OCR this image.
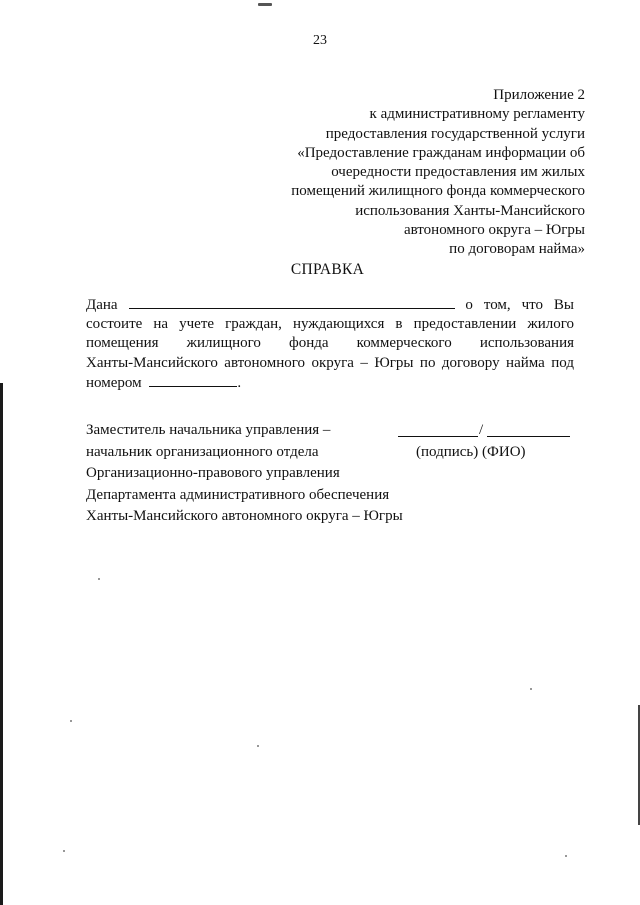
23
Приложение 2
к административному регламенту
предоставления государственной услуги
«Предоставление гражданам информации об
очередности предоставления им жилых
помещений жилищного фонда коммерческого
использования Ханты-Мансийского
автономного округа – Югры
по договорам найма»
СПРАВКА
Дана	о том, что Вы
состоите на учете граждан, нуждающихся в предоставлении жилого
помещения жилищного фонда коммерческого использования
Ханты-Мансийского автономного округа – Югры по договору найма под
номером	.
Заместитель начальника управления –
начальник организационного отдела
Организационно-правового управления
Департамента административного обеспечения
Ханты-Мансийского автономного округа – Югры
/
(подпись) (ФИО)
